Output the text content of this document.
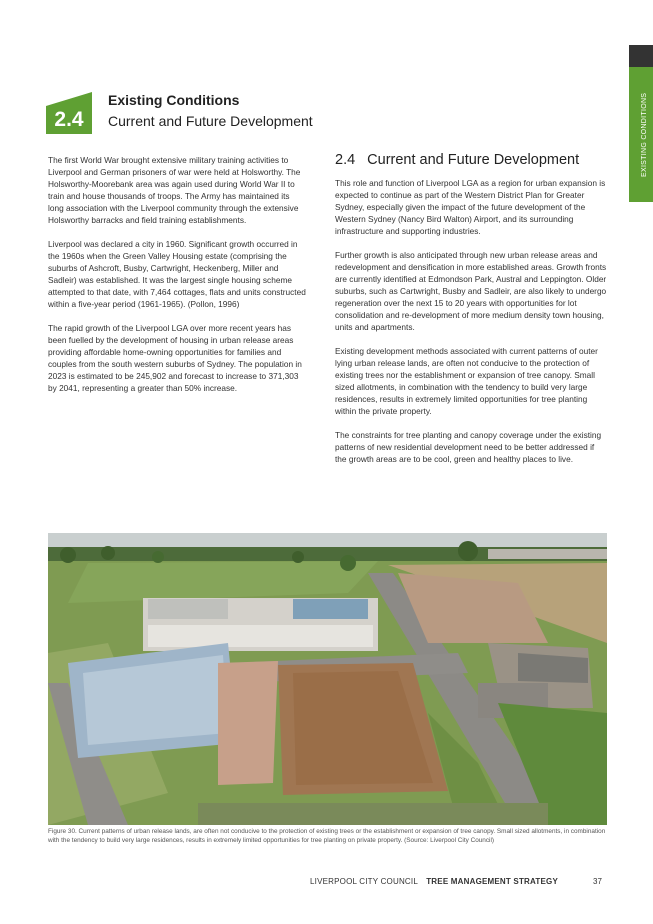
EXISTING CONDITIONS
2.4
Existing Conditions
Current and Future Development

The first World War brought extensive military training activities to Liverpool and German prisoners of war were held at Holsworthy. The Holsworthy-Moorebank area was again used during World War II to train and house thousands of troops. The Army has maintained its long association with the Liverpool community through the extensive Holsworthy barracks and field training establishments.

Liverpool was declared a city in 1960. Significant growth occurred in the 1960s when the Green Valley Housing estate (comprising the suburbs of Ashcroft, Busby, Cartwright, Heckenberg, Miller and Sadleir) was established. It was the largest single housing scheme attempted to that date, with 7,464 cottages, flats and units constructed within a five-year period (1961-1965). (Pollon, 1996)

The rapid growth of the Liverpool LGA over more recent years has been fuelled by the development of housing in urban release areas providing affordable home-owning opportunities for families and couples from the south western suburbs of Sydney. The population in 2023 is estimated to be 245,902 and forecast to increase to 371,303 by 2041, representing a greater than 50% increase.

2.4 Current and Future Development

This role and function of Liverpool LGA as a region for urban expansion is expected to continue as part of the Western District Plan for Greater Sydney, especially given the impact of the future development of the Western Sydney (Nancy Bird Walton) Airport, and its surrounding infrastructure and supporting industries.

Further growth is also anticipated through new urban release areas and redevelopment and densification in more established areas. Growth fronts are currently identified at Edmondson Park, Austral and Leppington. Older suburbs, such as Cartwright, Busby and Sadleir, are also likely to undergo regeneration over the next 15 to 20 years with opportunities for lot consolidation and re-development of more medium density town housing, units and apartments.

Existing development methods associated with current patterns of outer lying urban release lands, are often not conducive to the protection of existing trees nor the establishment or expansion of tree canopy. Small sized allotments, in combination with the tendency to build very large residences, results in extremely limited opportunities for tree planting within the private property.

The constraints for tree planting and canopy coverage under the existing patterns of new residential development need to be better addressed if the growth areas are to be cool, green and healthy places to live.

Figure 30. Current patterns of urban release lands, are often not conducive to the protection of existing trees or the establishment or expansion of tree canopy. Small sized allotments, in combination with the tendency to build very large residences, results in extremely limited opportunities for tree planting on private property. (Source: Liverpool City Council)
LIVERPOOL CITY COUNCIL TREE MANAGEMENT STRATEGY	37
